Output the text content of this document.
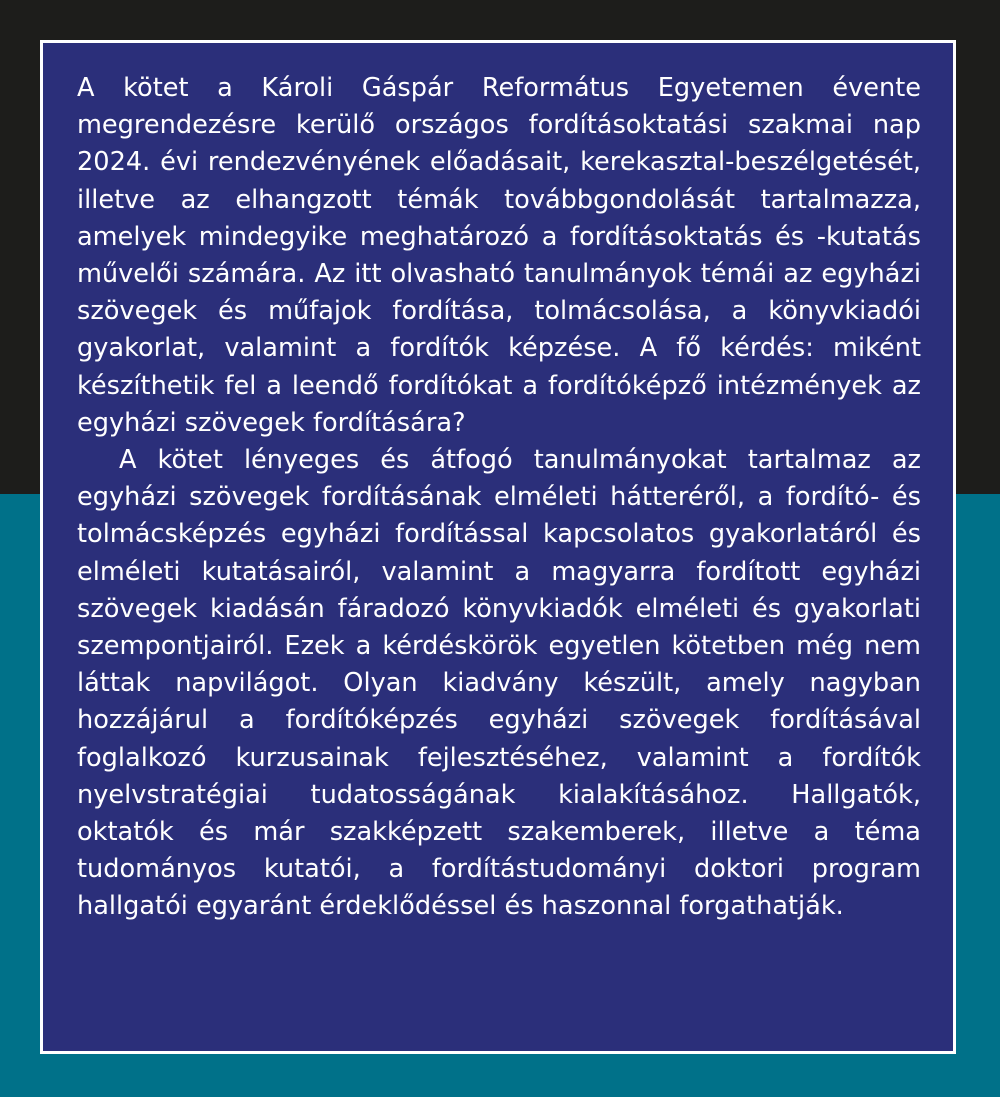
A kötet a Károli Gáspár Református Egyetemen évente megrendezésre kerülő országos fordításoktatási szakmai nap 2024. évi rendezvényének előadásait, kerekasztal-beszélgetését, illetve az elhangzott témák továbbgondolását tartalmazza, amelyek mindegyike meghatározó a fordításoktatás és -kutatás művelői számára. Az itt olvasható tanulmányok témái az egyházi szövegek és műfajok fordítása, tolmácsolása, a könyvkiadói gyakorlat, valamint a fordítók képzése. A fő kérdés: miként készíthetik fel a leendő fordítókat a fordítóképző intézmények az egyházi szövegek fordítására?

A kötet lényeges és átfogó tanulmányokat tartalmaz az egyházi szövegek fordításának elméleti hátteréről, a fordító- és tolmácsképzés egyházi fordítással kapcsolatos gyakorlatáról és elméleti kutatásairól, valamint a magyarra fordított egyházi szövegek kiadásán fáradozó könyvkiadók elméleti és gyakorlati szempontjairól. Ezek a kérdéskörök egyetlen kötetben még nem láttak napvilágot. Olyan kiadvány készült, amely nagyban hozzájárul a fordítóképzés egyházi szövegek fordításával foglalkozó kurzusainak fejlesztéséhez, valamint a fordítók nyelvstratégiai tudatosságának kialakításához. Hallgatók, oktatók és már szakképzett szakemberek, illetve a téma tudományos kutatói, a fordítástudományi doktori program hallgatói egyaránt érdeklődéssel és haszonnal forgathatják.
